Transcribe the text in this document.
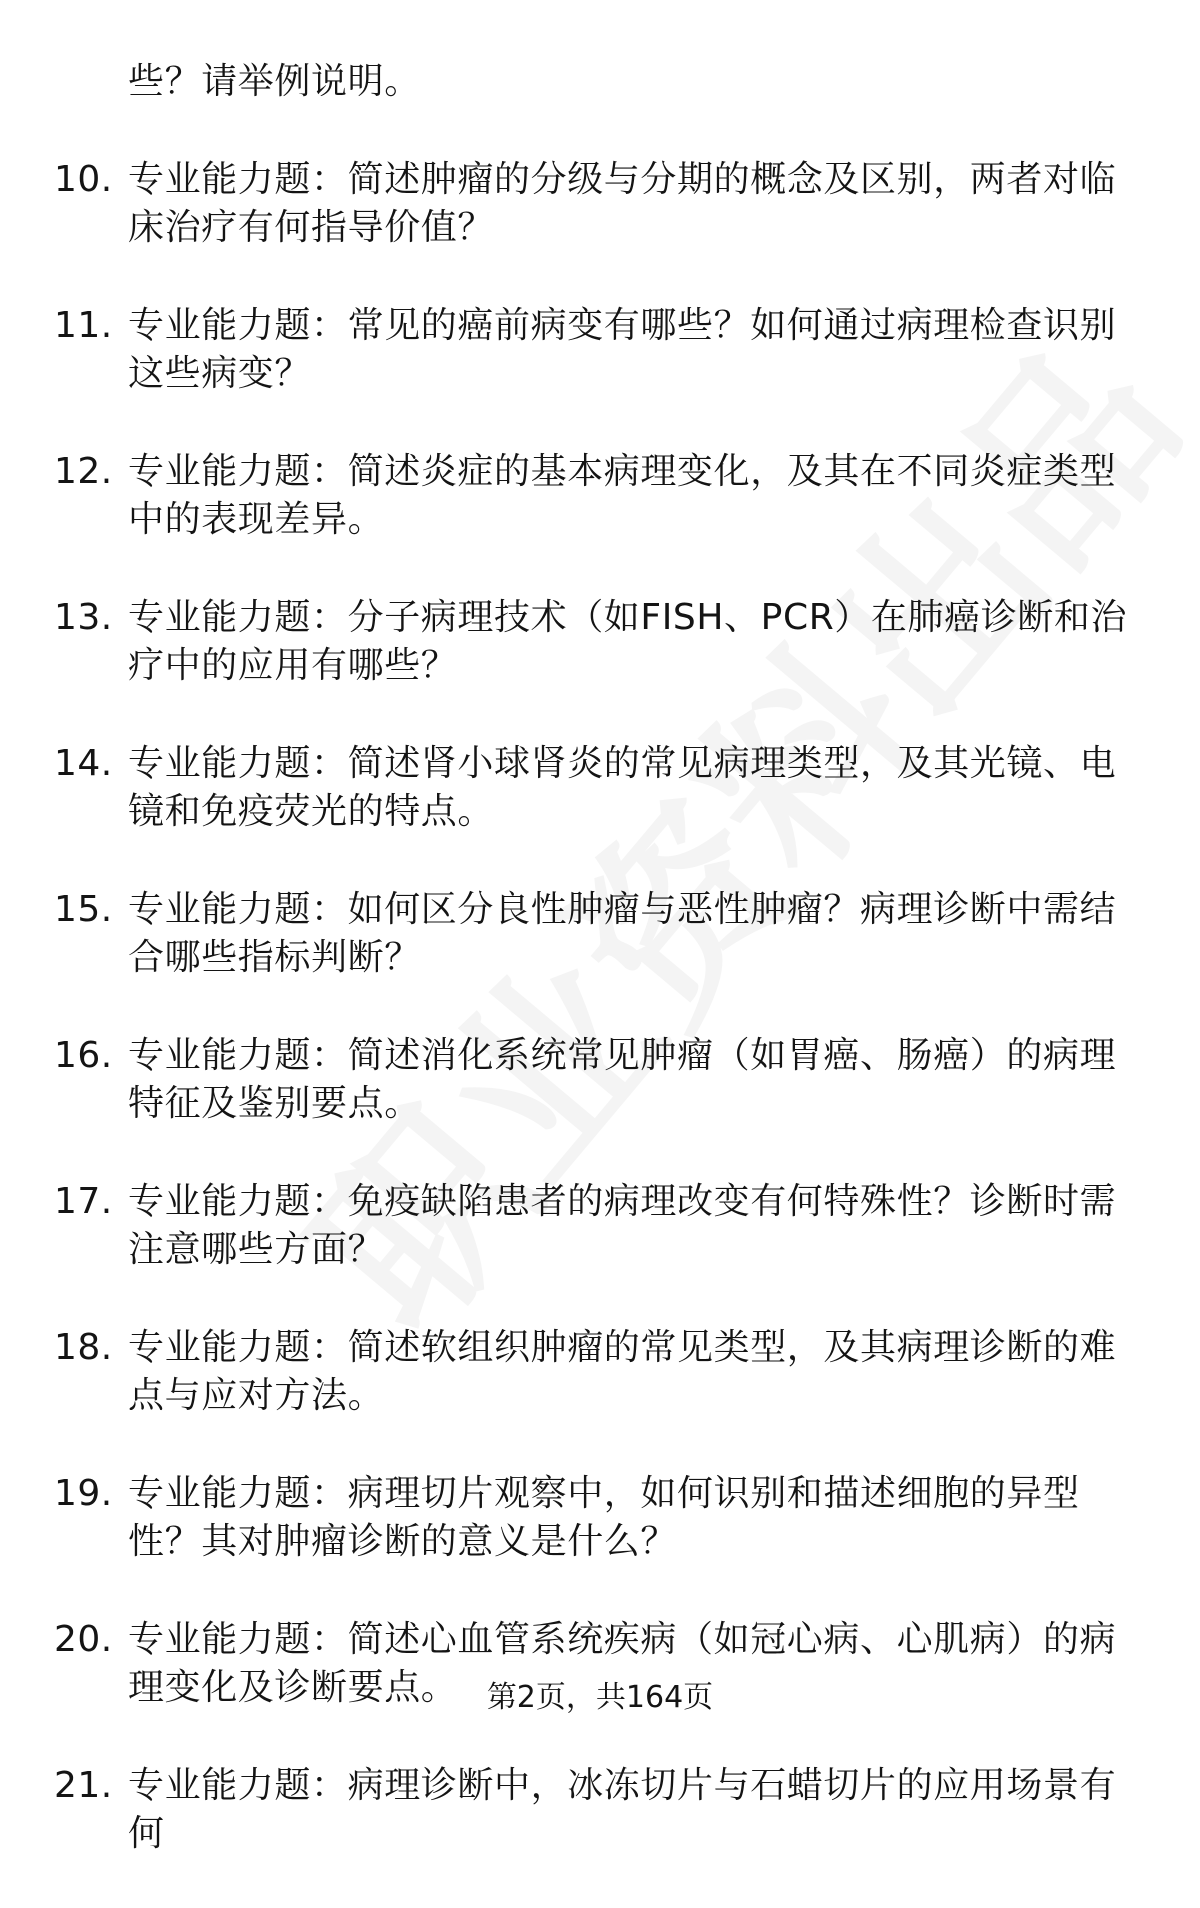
些？请举例说明。
10. 专业能力题：简述肿瘤的分级与分期的概念及区别，两者对临床治疗有何指导价值？
11. 专业能力题：常见的癌前病变有哪些？如何通过病理检查识别这些病变？
12. 专业能力题：简述炎症的基本病理变化，及其在不同炎症类型中的表现差异。
13. 专业能力题：分子病理技术（如FISH、PCR）在肺癌诊断和治疗中的应用有哪些？
14. 专业能力题：简述肾小球肾炎的常见病理类型，及其光镜、电镜和免疫荧光的特点。
15. 专业能力题：如何区分良性肿瘤与恶性肿瘤？病理诊断中需结合哪些指标判断？
16. 专业能力题：简述消化系统常见肿瘤（如胃癌、肠癌）的病理特征及鉴别要点。
17. 专业能力题：免疫缺陷患者的病理改变有何特殊性？诊断时需注意哪些方面？
18. 专业能力题：简述软组织肿瘤的常见类型，及其病理诊断的难点与应对方法。
19. 专业能力题：病理切片观察中，如何识别和描述细胞的异型性？其对肿瘤诊断的意义是什么？
20. 专业能力题：简述心血管系统疾病（如冠心病、心肌病）的病理变化及诊断要点。
21. 专业能力题：病理诊断中，冰冻切片与石蜡切片的应用场景有何
第2页，共164页
